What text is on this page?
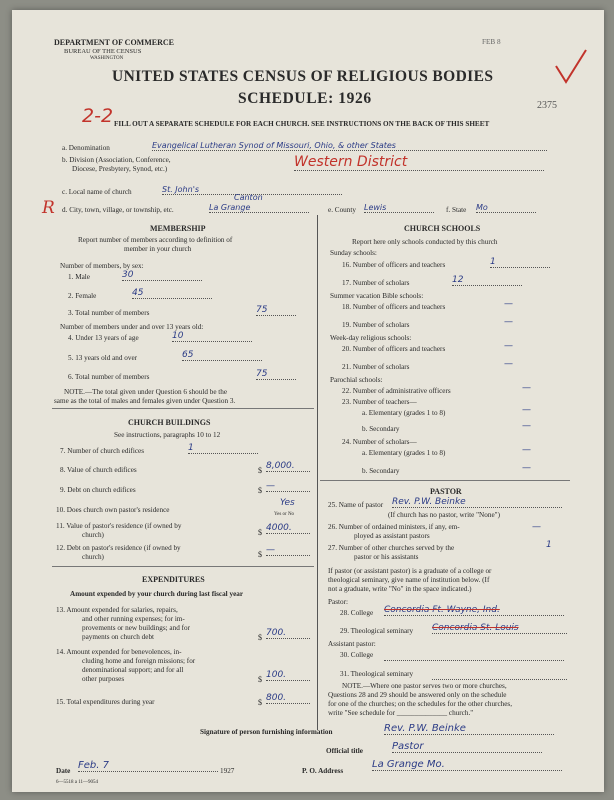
DEPARTMENT OF COMMERCE
BUREAU OF THE CENSUS
WASHINGTON
FEB 8
2375
UNITED STATES CENSUS OF RELIGIOUS BODIES
SCHEDULE: 1926
FILL OUT A SEPARATE SCHEDULE FOR EACH CHURCH. SEE INSTRUCTIONS ON THE BACK OF THIS SHEET
2-2
a. Denomination	Evangelical Lutheran Synod of Missouri, Ohio, & other States
b. Division (Association, Conference,
Diocese, Presbytery, Synod, etc.)	Western District
c. Local name of church	St. John's
R d. City, town, village, or township, etc.
Canton
La Grange	e. County Lewis	f. State Mo
MEMBERSHIP
Report number of members according to definition of
member in your church
Number of members, by sex:
1. Male	30
2. Female	45
3. Total number of members	75
Number of members under and over 13 years old:
4. Under 13 years of age	10
5. 13 years old and over	65
6. Total number of members	75
NOTE.—The total given under Question 6 should be the
same as the total of males and females given under Question 3.
CHURCH BUILDINGS
See instructions, paragraphs 10 to 12
7. Number of church edifices	1
8. Value of church edifices	$ 8,000.
9. Debt on church edifices	$ —
10. Does church own pastor's residence
Yes
Yes or No
11. Value of pastor's residence (if owned by
church)	$ 4000.
12. Debt on pastor's residence (if owned by
church)	$ —
EXPENDITURES
Amount expended by your church during last fiscal year
13. Amount expended for salaries, repairs,
and other running expenses; for im-
provements or new buildings; and for
payments on church debt	$ 700.
14. Amount expended for benevolences, in-
cluding home and foreign missions; for
denominational support; and for all
other purposes	$ 100.
15. Total expenditures during year	$ 800.
CHURCH SCHOOLS
Report here only schools conducted by this church
Sunday schools:
16. Number of officers and teachers	1
17. Number of scholars	12
Summer vacation Bible schools:
18. Number of officers and teachers	—
19. Number of scholars	—
Week-day religious schools:
20. Number of officers and teachers	—
21. Number of scholars	—
Parochial schools:
22. Number of administrative officers	—
23. Number of teachers—
a. Elementary (grades 1 to 8)	—
b. Secondary	—
24. Number of scholars—
a. Elementary (grades 1 to 8)	—
b. Secondary	—
PASTOR
25. Name of pastor Rev. P.W. Beinke
(If church has no pastor, write "None")
26. Number of ordained ministers, if any, em-
ployed as assistant pastors
—
27. Number of other churches served by the
pastor or his assistants
1
If pastor (or assistant pastor) is a graduate of a college or
theological seminary, give name of institution below. (If
not a graduate, write "No" in the space indicated.)
Pastor:
28. College Concordia Ft. Wayne, Ind.
29. Theological seminary Concordia St. Louis
Assistant pastor:
30. College
31. Theological seminary
NOTE.—Where one pastor serves two or more churches,
Questions 28 and 29 should be answered only on the schedule
for one of the churches; on the schedules for the other churches,
write "See schedule for ______________ church."
Signature of person furnishing information	Rev. P.W. Beinke
Official title	Pastor
Date Feb. 7	1927	P. O. Address
La Grange Mo.
6—5518 a 11—9054
